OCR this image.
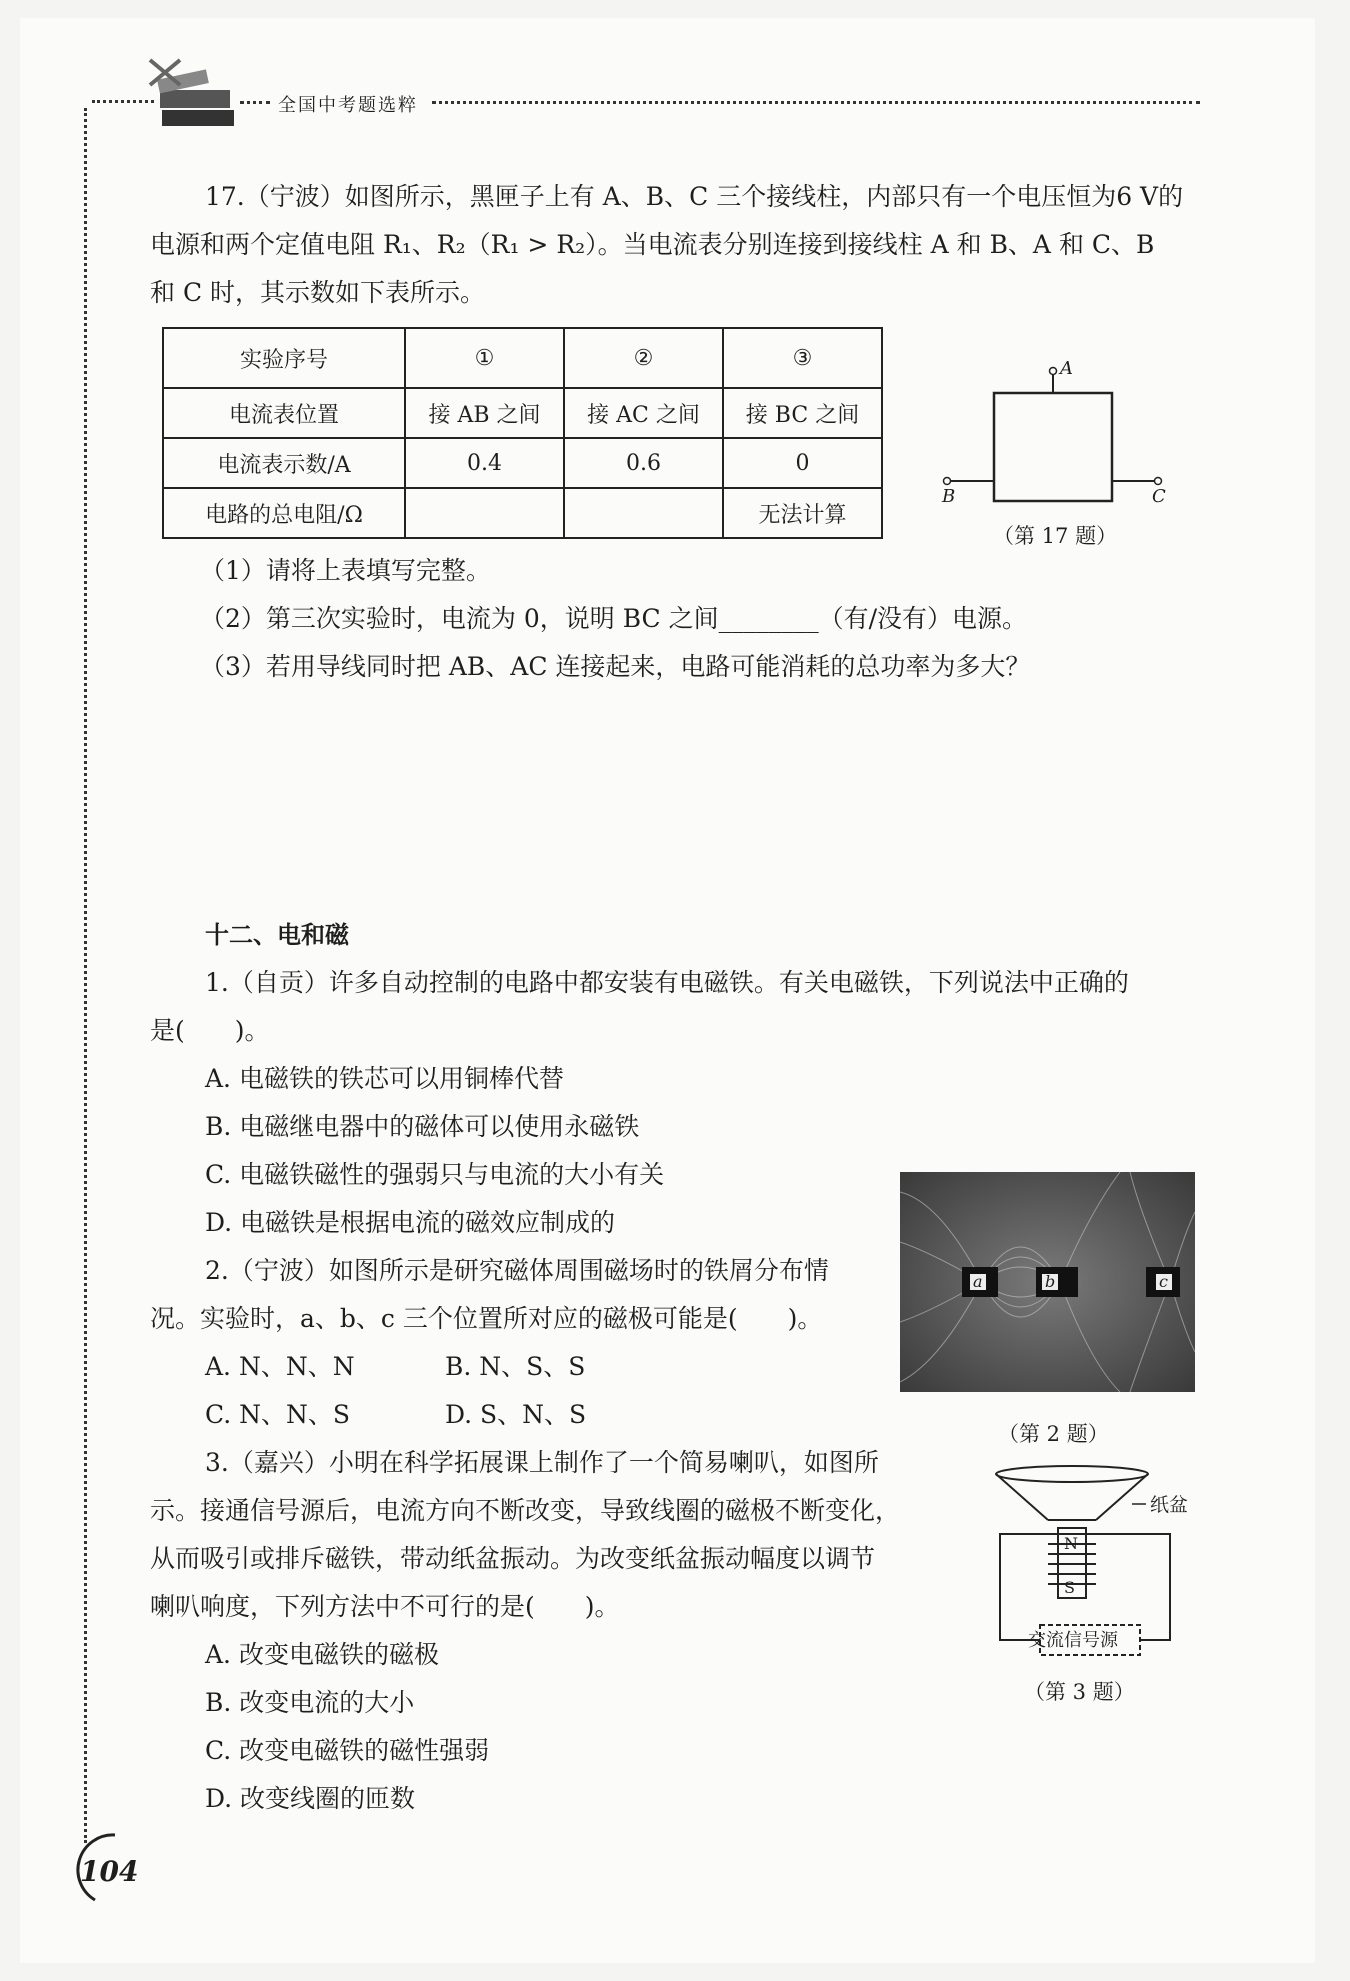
全国中考题选粹
17.（宁波）如图所示，黑匣子上有 A、B、C 三个接线柱，内部只有一个电压恒为6 V的
电源和两个定值电阻 R₁、R₂（R₁ > R₂）。当电流表分别连接到接线柱 A 和 B、A 和 C、B
和 C 时，其示数如下表所示。
实验序号	①	②	③
电流表位置	接 AB 之间	接 AC 之间	接 BC 之间
电流表示数/A	0.4	0.6	0
电路的总电阻/Ω			无法计算
A
B	C
（第 17 题）
（1）请将上表填写完整。
（2）第三次实验时，电流为 0，说明 BC 之间________（有/没有）电源。
（3）若用导线同时把 AB、AC 连接起来，电路可能消耗的总功率为多大？
十二、电和磁
1.（自贡）许多自动控制的电路中都安装有电磁铁。有关电磁铁，下列说法中正确的
是(　　)。
A. 电磁铁的铁芯可以用铜棒代替
B. 电磁继电器中的磁体可以使用永磁铁
C. 电磁铁磁性的强弱只与电流的大小有关
D. 电磁铁是根据电流的磁效应制成的
a	b	c
（第 2 题）
2.（宁波）如图所示是研究磁体周围磁场时的铁屑分布情
况。实验时，a、b、c 三个位置所对应的磁极可能是(　　)。
A. N、N、N	B. N、S、S
C. N、N、S	D. S、N、S
3.（嘉兴）小明在科学拓展课上制作了一个简易喇叭，如图所
示。接通信号源后，电流方向不断改变，导致线圈的磁极不断变化，
从而吸引或排斥磁铁，带动纸盆振动。为改变纸盆振动幅度以调节
喇叭响度，下列方法中不可行的是(　　)。
A. 改变电磁铁的磁极
B. 改变电流的大小
C. 改变电磁铁的磁性强弱
D. 改变线圈的匝数
纸盆
N
S
交流信号源
（第 3 题）
104
